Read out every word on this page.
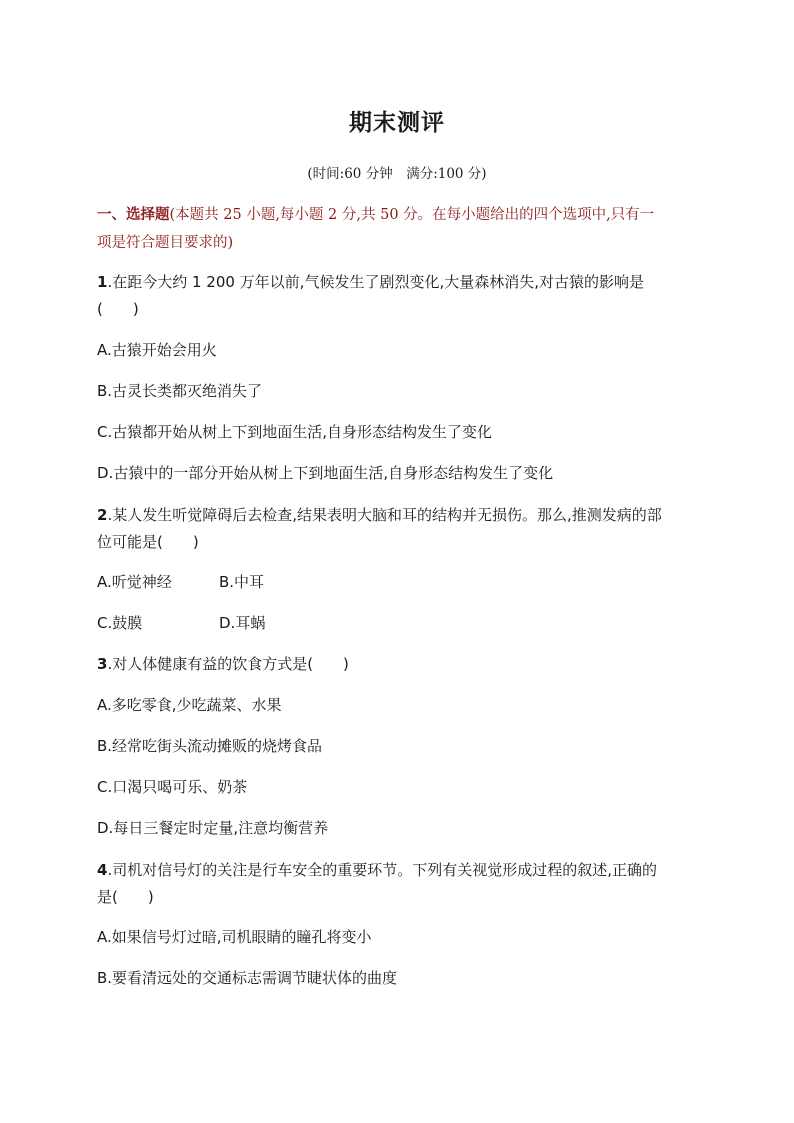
期末测评
(时间:60 分钟　满分:100 分)
一、选择题(本题共 25 小题,每小题 2 分,共 50 分。在每小题给出的四个选项中,只有一
项是符合题目要求的)
1.在距今大约 1 200 万年以前,气候发生了剧烈变化,大量森林消失,对古猿的影响是
(　　)
A.古猿开始会用火
B.古灵长类都灭绝消失了
C.古猿都开始从树上下到地面生活,自身形态结构发生了变化
D.古猿中的一部分开始从树上下到地面生活,自身形态结构发生了变化
2.某人发生听觉障碍后去检查,结果表明大脑和耳的结构并无损伤。那么,推测发病的部
位可能是(　　)
A.听觉神经	B.中耳
C.鼓膜	D.耳蜗
3.对人体健康有益的饮食方式是(　　)
A.多吃零食,少吃蔬菜、水果
B.经常吃街头流动摊贩的烧烤食品
C.口渴只喝可乐、奶茶
D.每日三餐定时定量,注意均衡营养
4.司机对信号灯的关注是行车安全的重要环节。下列有关视觉形成过程的叙述,正确的
是(　　)
A.如果信号灯过暗,司机眼睛的瞳孔将变小
B.要看清远处的交通标志需调节睫状体的曲度
